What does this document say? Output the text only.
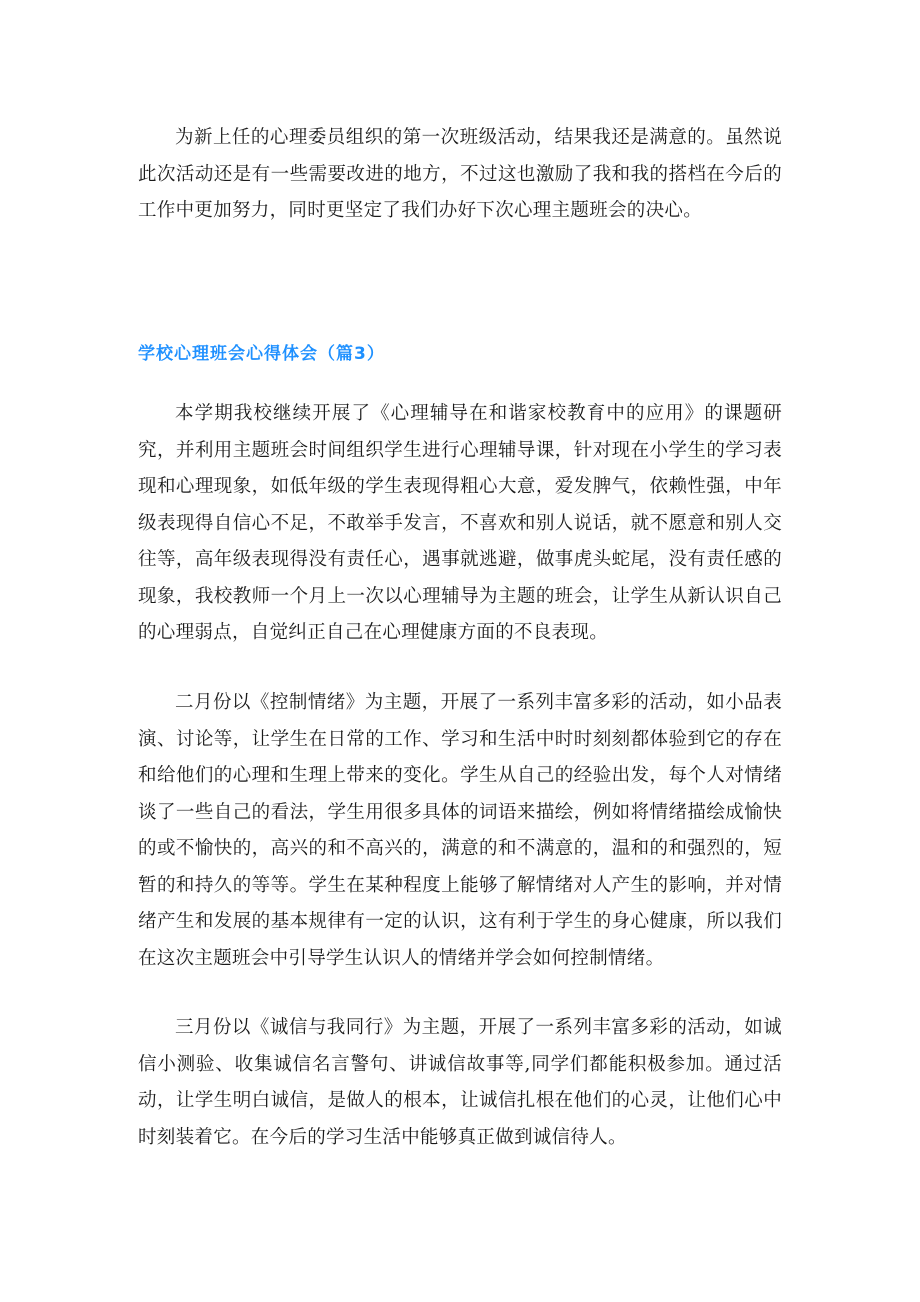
为新上任的心理委员组织的第一次班级活动，结果我还是满意的。虽然说此次活动还是有一些需要改进的地方，不过这也激励了我和我的搭档在今后的工作中更加努力，同时更坚定了我们办好下次心理主题班会的决心。

学校心理班会心得体会（篇3）

本学期我校继续开展了《心理辅导在和谐家校教育中的应用》的课题研究，并利用主题班会时间组织学生进行心理辅导课，针对现在小学生的学习表现和心理现象，如低年级的学生表现得粗心大意，爱发脾气，依赖性强，中年级表现得自信心不足，不敢举手发言，不喜欢和别人说话，就不愿意和别人交往等，高年级表现得没有责任心，遇事就逃避，做事虎头蛇尾，没有责任感的现象，我校教师一个月上一次以心理辅导为主题的班会，让学生从新认识自己的心理弱点，自觉纠正自己在心理健康方面的不良表现。

二月份以《控制情绪》为主题，开展了一系列丰富多彩的活动，如小品表演、讨论等，让学生在日常的工作、学习和生活中时时刻刻都体验到它的存在和给他们的心理和生理上带来的变化。学生从自己的经验出发，每个人对情绪谈了一些自己的看法，学生用很多具体的词语来描绘，例如将情绪描绘成愉快的或不愉快的，高兴的和不高兴的，满意的和不满意的，温和的和强烈的，短暂的和持久的等等。学生在某种程度上能够了解情绪对人产生的影响，并对情绪产生和发展的基本规律有一定的认识，这有利于学生的身心健康，所以我们在这次主题班会中引导学生认识人的情绪并学会如何控制情绪。

三月份以《诚信与我同行》为主题，开展了一系列丰富多彩的活动，如诚信小测验、收集诚信名言警句、讲诚信故事等,同学们都能积极参加。通过活动，让学生明白诚信，是做人的根本，让诚信扎根在他们的心灵，让他们心中时刻装着它。在今后的学习生活中能够真正做到诚信待人。
